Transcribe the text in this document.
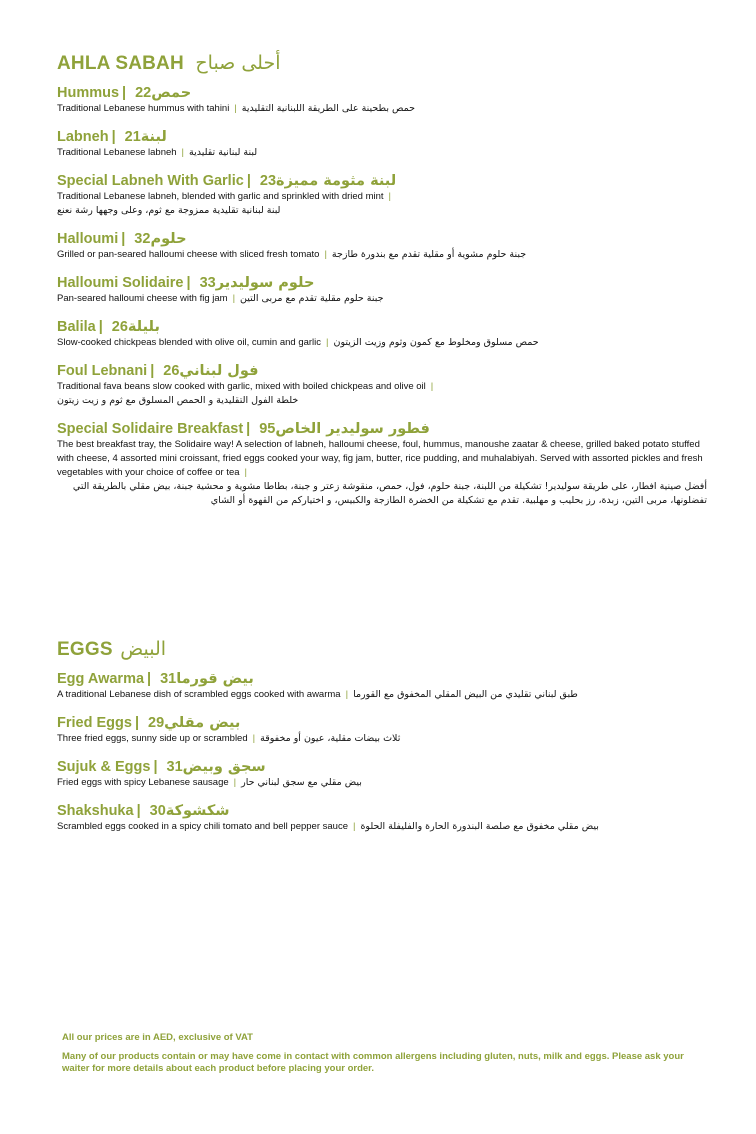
AHLA SABAH أحلى صباح
Hummus | حمص22
Traditional Lebanese hummus with tahini | حمص بطحينة على الطريقة اللبنانية التقليدية
Labneh | لبنة21
Traditional Lebanese labneh | لبنة لبنانية تقليدية
Special Labneh With Garlic | لبنة مثومة مميزة23
Traditional Lebanese labneh, blended with garlic and sprinkled with dried mint |
لبنة لبنانية تقليدية ممزوجة مع ثوم، وعلى وجهها رشة نعنع
Halloumi | حلوم32
Grilled or pan-seared halloumi cheese with sliced fresh tomato | جبنة حلوم مشوية أو مقلية تقدم مع بندورة طازجة
Halloumi Solidaire | حلوم سوليدير33
Pan-seared halloumi cheese with fig jam | جبنة حلوم مقلية تقدم مع مربى التين
Balila | بليلة26
Slow-cooked chickpeas blended with olive oil, cumin and garlic | حمص مسلوق ومخلوط مع كمون وثوم وزيت الزيتون
Foul Lebnani | فول لبناني26
Traditional fava beans slow cooked with garlic, mixed with boiled chickpeas and olive oil |
خلطة الفول التقليدية و الحمص المسلوق مع ثوم و زيت زيتون
Special Solidaire Breakfast | فطور سوليدير الخاص95
The best breakfast tray, the Solidaire way! A selection of labneh, halloumi cheese, foul, hummus, manoushe zaatar & cheese, grilled baked potato stuffed with cheese, 4 assorted mini croissant, fried eggs cooked your way, fig jam, butter, rice pudding, and muhalabiyah. Served with assorted pickles and fresh vegetables with your choice of coffee or tea |
أفضل صينية افطار، على طريقة سوليدير! تشكيلة من اللبنة، جبنة حلوم، فول، حمص، منقوشة زعتر و جبنة، بطاطا مشوية و محشية جبنة، بيض مقلي بالطريقة التي تفضلونها، مربى التين، زبدة، رز بحليب و مهلبية. تقدم مع تشكيلة من الخضرة الطازجة والكبيس، و اختياركم من القهوة أو الشاي
EGGS البيض
Egg Awarma | بيض قورما31
A traditional Lebanese dish of scrambled eggs cooked with awarma | طبق لبناني تقليدي من البيض المقلي المخفوق مع القورما
Fried Eggs | بيض مقلي29
Three fried eggs, sunny side up or scrambled | ثلاث بيضات مقلية، عيون أو مخفوقة
Sujuk & Eggs | سجق وبيض31
Fried eggs with spicy Lebanese sausage | بيض مقلي مع سجق لبناني حار
Shakshuka | شكشوكة30
Scrambled eggs cooked in a spicy chili tomato and bell pepper sauce | بيض مقلي مخفوق مع صلصة البندورة الحارة والفليفلة الحلوة

All our prices are in AED, exclusive of VAT

Many of our products contain or may have come in contact with common allergens including gluten, nuts, milk and eggs. Please ask your waiter for more details about each product before placing your order.
